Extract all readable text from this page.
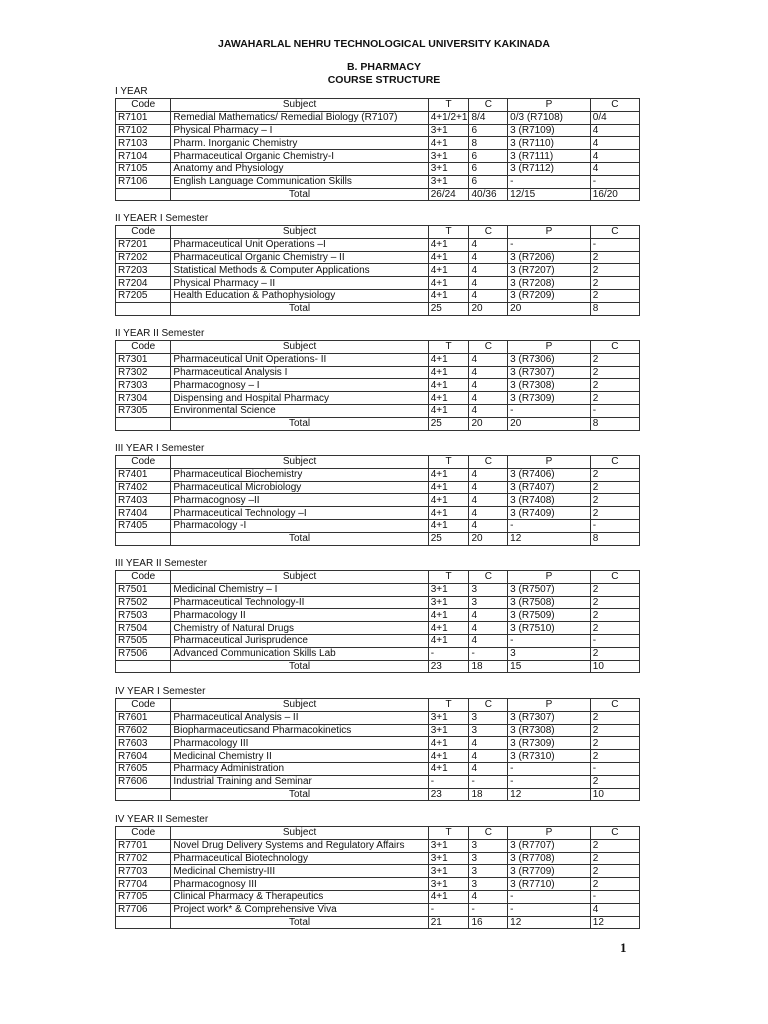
JAWAHARLAL NEHRU TECHNOLOGICAL UNIVERSITY KAKINADA
B. PHARMACY
COURSE STRUCTURE
I YEAR
Code	Subject	T	C	P	C
R7101	Remedial Mathematics/ Remedial Biology (R7107)	4+1/2+1	8/4	0/3 (R7108)	0/4
R7102	Physical Pharmacy – I	3+1	6	3 (R7109)	4
R7103	Pharm. Inorganic Chemistry	4+1	8	3 (R7110)	4
R7104	Pharmaceutical Organic Chemistry-I	3+1	6	3 (R7111)	4
R7105	Anatomy and Physiology	3+1	6	3 (R7112)	4
R7106	English Language Communication Skills	3+1	6	-	-
	Total	26/24	40/36	12/15	16/20
II YEAER I Semester
Code	Subject	T	C	P	C
R7201	Pharmaceutical Unit Operations –I	4+1	4	-	-
R7202	Pharmaceutical Organic Chemistry – II	4+1	4	3 (R7206)	2
R7203	Statistical Methods & Computer Applications	4+1	4	3 (R7207)	2
R7204	Physical Pharmacy – II	4+1	4	3 (R7208)	2
R7205	Health Education & Pathophysiology	4+1	4	3 (R7209)	2
	Total	25	20	20	8
II YEAR II Semester
Code	Subject	T	C	P	C
R7301	Pharmaceutical Unit Operations- II	4+1	4	3 (R7306)	2
R7302	Pharmaceutical Analysis I	4+1	4	3 (R7307)	2
R7303	Pharmacognosy – I	4+1	4	3 (R7308)	2
R7304	Dispensing and Hospital Pharmacy	4+1	4	3 (R7309)	2
R7305	Environmental Science	4+1	4	-	-
	Total	25	20	20	8
III YEAR I Semester
Code	Subject	T	C	P	C
R7401	Pharmaceutical Biochemistry	4+1	4	3 (R7406)	2
R7402	Pharmaceutical Microbiology	4+1	4	3 (R7407)	2
R7403	Pharmacognosy –II	4+1	4	3 (R7408)	2
R7404	Pharmaceutical Technology –I	4+1	4	3 (R7409)	2
R7405	Pharmacology -I	4+1	4	-	-
	Total	25	20	12	8
III YEAR II Semester
Code	Subject	T	C	P	C
R7501	Medicinal Chemistry – I	3+1	3	3 (R7507)	2
R7502	Pharmaceutical Technology-II	3+1	3	3 (R7508)	2
R7503	Pharmacology II	4+1	4	3 (R7509)	2
R7504	Chemistry of Natural Drugs	4+1	4	3 (R7510)	2
R7505	Pharmaceutical Jurisprudence	4+1	4	-	-
R7506	Advanced Communication Skills Lab	-	-	3	2
	Total	23	18	15	10
IV YEAR I Semester
Code	Subject	T	C	P	C
R7601	Pharmaceutical Analysis – II	3+1	3	3 (R7307)	2
R7602	Biopharmaceuticsand Pharmacokinetics	3+1	3	3 (R7308)	2
R7603	Pharmacology III	4+1	4	3 (R7309)	2
R7604	Medicinal Chemistry II	4+1	4	3 (R7310)	2
R7605	Pharmacy Administration	4+1	4	-	-
R7606	Industrial Training and Seminar	-	-	-	2
	Total	23	18	12	10
IV YEAR II Semester
Code	Subject	T	C	P	C
R7701	Novel Drug Delivery Systems and Regulatory Affairs	3+1	3	3 (R7707)	2
R7702	Pharmaceutical Biotechnology	3+1	3	3 (R7708)	2
R7703	Medicinal Chemistry-III	3+1	3	3 (R7709)	2
R7704	Pharmacognosy III	3+1	3	3 (R7710)	2
R7705	Clinical Pharmacy & Therapeutics	4+1	4	-	-
R7706	Project work* & Comprehensive Viva	-	-	-	4
	Total	21	16	12	12
1
